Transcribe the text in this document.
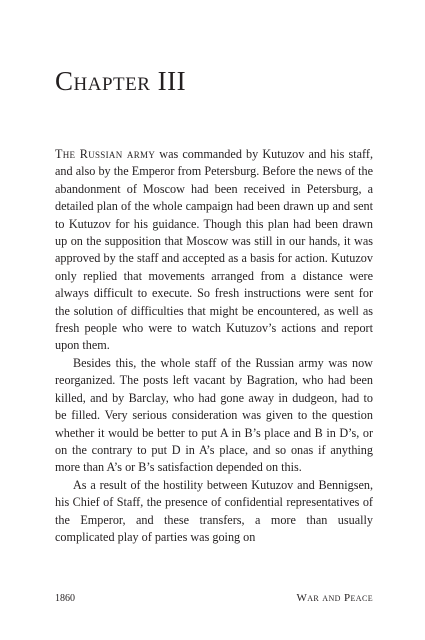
Chapter III

The Russian army was commanded by Kutuzov and his staff, and also by the Emperor from Petersburg. Before the news of the abandonment of Moscow had been received in Petersburg, a detailed plan of the whole campaign had been drawn up and sent to Kutuzov for his guidance. Though this plan had been drawn up on the supposition that Moscow was still in our hands, it was approved by the staff and accepted as a basis for action. Kutuzov only replied that movements arranged from a distance were always difficult to execute. So fresh instructions were sent for the solution of difficulties that might be encountered, as well as fresh people who were to watch Kutuzov’s actions and report upon them.

Besides this, the whole staff of the Russian army was now reorganized. The posts left vacant by Bagration, who had been killed, and by Barclay, who had gone away in dudgeon, had to be filled. Very serious consideration was given to the question whether it would be better to put A in B’s place and B in D’s, or on the contrary to put D in A’s place, and so onas if anything more than A’s or B’s satisfaction depended on this.

As a result of the hostility between Kutuzov and Bennigsen, his Chief of Staff, the presence of confidential representatives of the Emperor, and these transfers, a more than usually complicated play of parties was going on

1860	War and Peace
